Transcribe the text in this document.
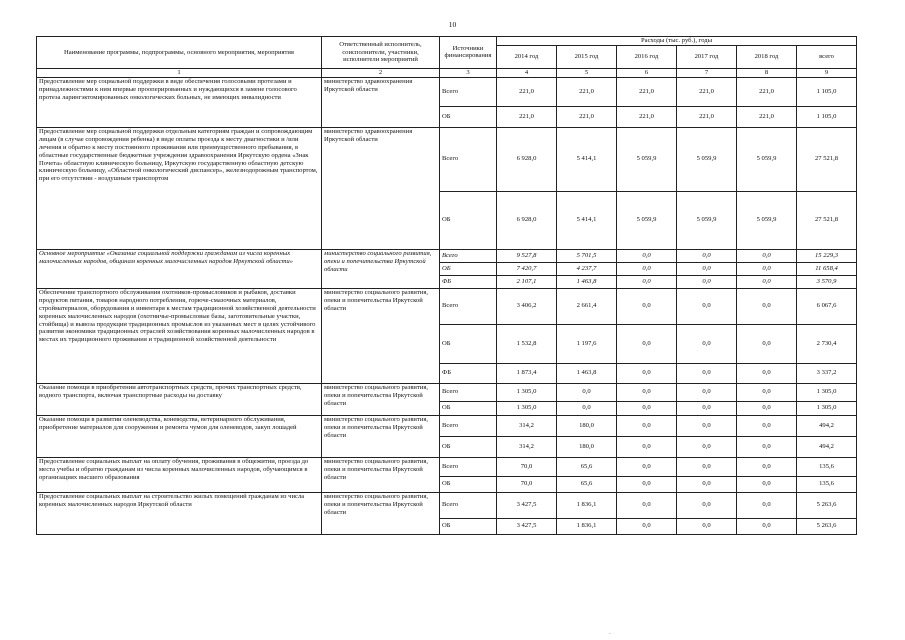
10
Наименование программы, подпрограммы, основного мероприятия, мероприятия	Ответственный исполнитель, соисполнители, участники, исполнители мероприятий	Источники финансирования	Расходы (тыс. руб.), годы					
			2014 год	2015 год	2016 год	2017 год	2018 год	всего
1	2	3	4	5	6	7	8	9
Предоставление мер социальной поддержки в виде обеспечения голосовыми протезами и принадлежностями к ним впервые прооперированных и нуждающихся в замене голосового протеза ларингэктомированных онкологических больных, не имеющих инвалидности	министерство здравоохранения Иркутской области	Всего	221,0	221,0	221,0	221,0	221,0	1 105,0
		ОБ	221,0	221,0	221,0	221,0	221,0	1 105,0
Предоставление мер социальной поддержки отдельным категориям граждан и сопровождающим лицам (в случае сопровождения ребенка) в виде оплаты проезда к месту диагностики и /или лечения и обратно к месту постоянного проживания или преимущественного пребывания, в областные государственные бюджетные учреждения здравоохранения Иркутскую ордена «Знак Почета» областную клиническую больницу, Иркутскую государственную областную детскую клиническую больницу, «Областной онкологический диспансер», железнодорожным транспортом, при его отсутствии - воздушным транспортом	министерство здравоохранения Иркутской области	Всего	6 928,0	5 414,1	5 059,9	5 059,9	5 059,9	27 521,8
		ОБ	6 928,0	5 414,1	5 059,9	5 059,9	5 059,9	27 521,8
Основное мероприятие «Оказание социальной поддержки гражданам из числа коренных малочисленных народов, общинам коренных малочисленных народов Иркутской области»	министерство социального развития, опеки и попечительства Иркутской области	Всего	9 527,8	5 701,5	0,0	0,0	0,0	15 229,3
		ОБ	7 420,7	4 237,7	0,0	0,0	0,0	11 658,4
		ФБ	2 107,1	1 463,8	0,0	0,0	0,0	3 570,9
Обеспечение транспортного обслуживания охотников-промысловиков и рыбаков, доставки продуктов питания, товаров народного потребления, горюче-смазочных материалов, стройматериалов, оборудования и инвентаря к местам традиционной хозяйственной деятельности коренных малочисленных народов (охотничье-промысловые базы, заготовительные участки, стойбища) и вывоза продукции традиционных промыслов из указанных мест в целях устойчивого развития экономики традиционных отраслей хозяйствования коренных малочисленных народов в местах их традиционного проживания и традиционной хозяйственной деятельности	министерство социального развития, опеки и попечительства Иркутской области	Всего	3 406,2	2 661,4	0,0	0,0	0,0	6 067,6
		ОБ	1 532,8	1 197,6	0,0	0,0	0,0	2 730,4
		ФБ	1 873,4	1 463,8	0,0	0,0	0,0	3 337,2
Оказание помощи в приобретении автотранспортных средств, прочих транспортных средств, водного транспорта, включая транспортные расходы на доставку	министерство социального развития, опеки и попечительства Иркутской области	Всего	1 305,0	0,0	0,0	0,0	0,0	1 305,0
		ОБ	1 305,0	0,0	0,0	0,0	0,0	1 305,0
Оказание помощи в развитии оленеводства, коневодства, ветеринарного обслуживания, приобретение материалов для сооружения и ремонта чумов для оленеводов, закуп лошадей	министерство социального развития, опеки и попечительства Иркутской области	Всего	314,2	180,0	0,0	0,0	0,0	494,2
		ОБ	314,2	180,0	0,0	0,0	0,0	494,2
Предоставление социальных выплат на оплату обучения, проживания в общежитии, проезда до места учебы и обратно гражданам из числа коренных малочисленных народов, обучающимся в организациях высшего образования	министерство социального развития, опеки и попечительства Иркутской области	Всего	70,0	65,6	0,0	0,0	0,0	135,6
		ОБ	70,0	65,6	0,0	0,0	0,0	135,6
Предоставление социальных выплат на строительство жилых помещений гражданам из числа коренных малочисленных народов Иркутской области	министерство социального развития, опеки и попечительства Иркутской области	Всего	3 427,5	1 836,1	0,0	0,0	0,0	5 263,6
		ОБ	3 427,5	1 836,1	0,0	0,0	0,0	5 263,6
.
